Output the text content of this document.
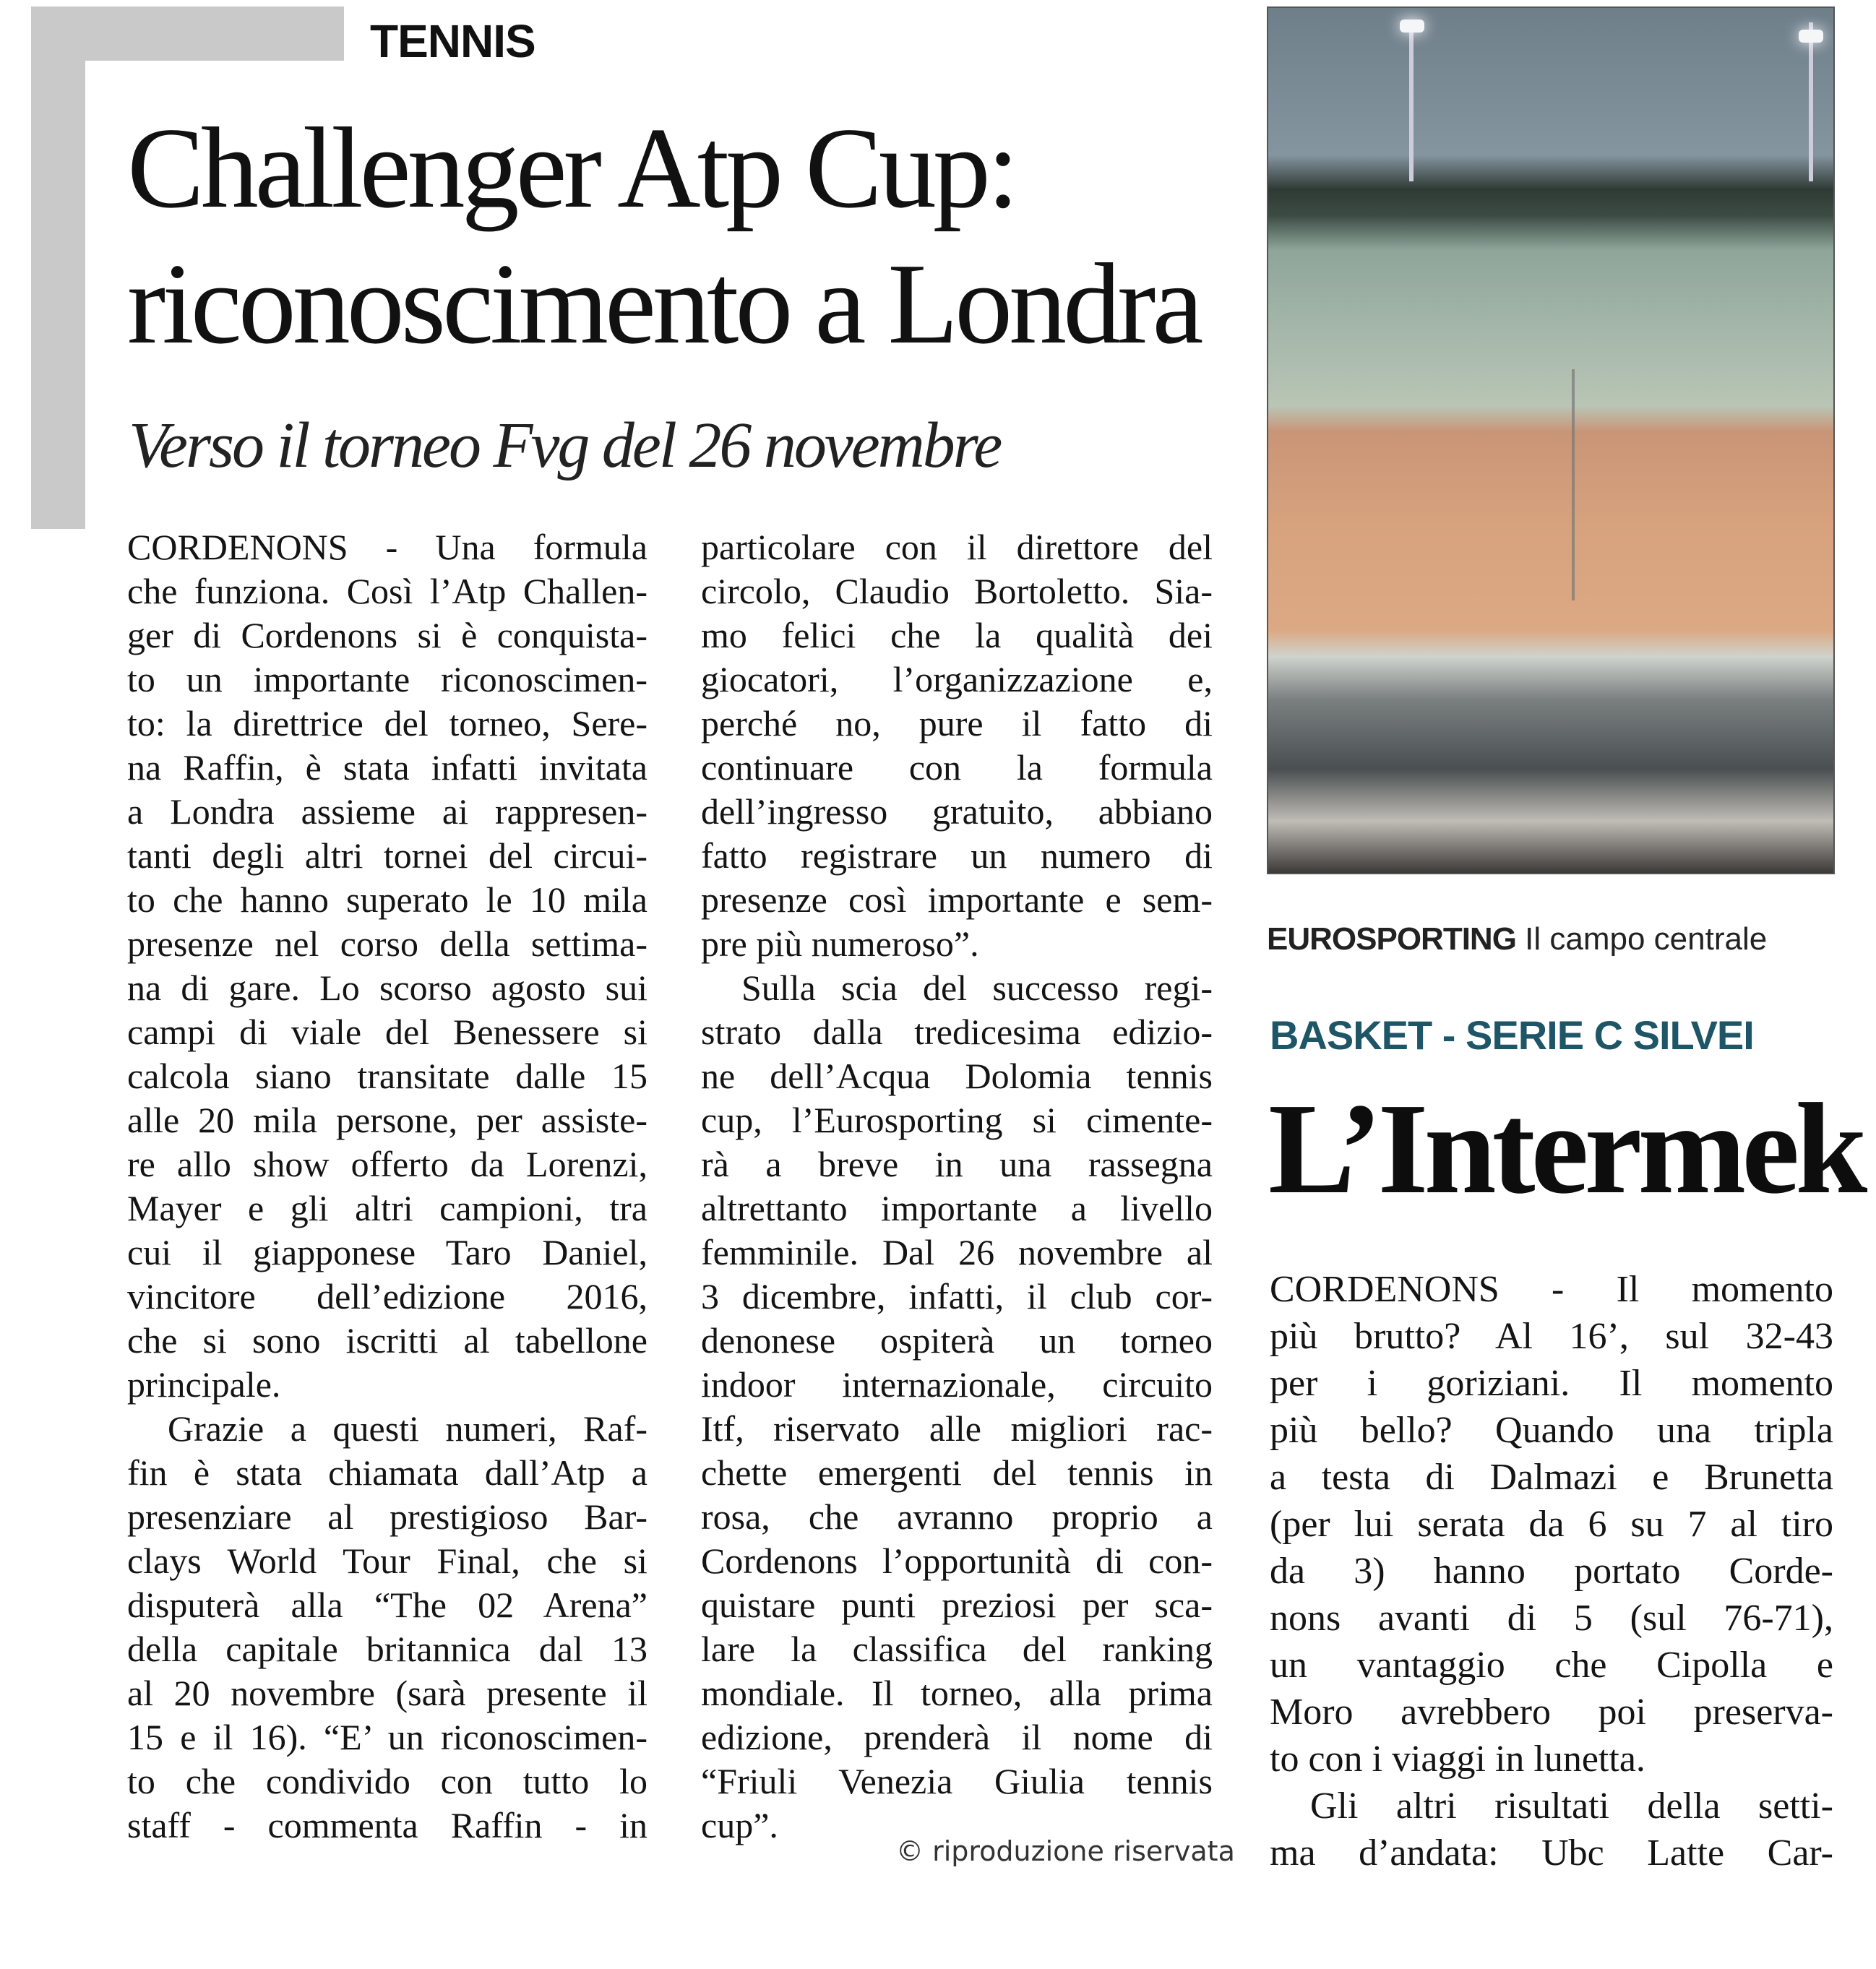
TENNIS
Challenger Atp Cup:
riconoscimento a Londra
Verso il torneo Fvg del 26 novembre
CORDENONS - Una formula
che funziona. Così l’Atp Challen-
ger di Cordenons si è conquista-
to un importante riconoscimen-
to: la direttrice del torneo, Sere-
na Raffin, è stata infatti invitata
a Londra assieme ai rappresen-
tanti degli altri tornei del circui-
to che hanno superato le 10 mila
presenze nel corso della settima-
na di gare. Lo scorso agosto sui
campi di viale del Benessere si
calcola siano transitate dalle 15
alle 20 mila persone, per assiste-
re allo show offerto da Lorenzi,
Mayer e gli altri campioni, tra
cui il giapponese Taro Daniel,
vincitore dell’edizione 2016,
che si sono iscritti al tabellone
principale.
Grazie a questi numeri, Raf-
fin è stata chiamata dall’Atp a
presenziare al prestigioso Bar-
clays World Tour Final, che si
disputerà alla “The 02 Arena”
della capitale britannica dal 13
al 20 novembre (sarà presente il
15 e il 16). “E’ un riconoscimen-
to che condivido con tutto lo
staff - commenta Raffin - in
particolare con il direttore del
circolo, Claudio Bortoletto. Sia-
mo felici che la qualità dei
giocatori, l’organizzazione e,
perché no, pure il fatto di
continuare con la formula
dell’ingresso gratuito, abbiano
fatto registrare un numero di
presenze così importante e sem-
pre più numeroso”.
Sulla scia del successo regi-
strato dalla tredicesima edizio-
ne dell’Acqua Dolomia tennis
cup, l’Eurosporting si cimente-
rà a breve in una rassegna
altrettanto importante a livello
femminile. Dal 26 novembre al
3 dicembre, infatti, il club cor-
denonese ospiterà un torneo
indoor internazionale, circuito
Itf, riservato alle migliori rac-
chette emergenti del tennis in
rosa, che avranno proprio a
Cordenons l’opportunità di con-
quistare punti preziosi per sca-
lare la classifica del ranking
mondiale. Il torneo, alla prima
edizione, prenderà il nome di
“Friuli Venezia Giulia tennis
cup”.
© riproduzione riservata
EUROSPORTING Il campo centrale
BASKET - SERIE C SILVEI
L’Intermek
CORDENONS - Il momento
più brutto? Al 16’, sul 32-43
per i goriziani. Il momento
più bello? Quando una tripla
a testa di Dalmazi e Brunetta
(per lui serata da 6 su 7 al tiro
da 3) hanno portato Corde-
nons avanti di 5 (sul 76-71),
un vantaggio che Cipolla e
Moro avrebbero poi preserva-
to con i viaggi in lunetta.
Gli altri risultati della setti-
ma d’andata: Ubc Latte Car-
